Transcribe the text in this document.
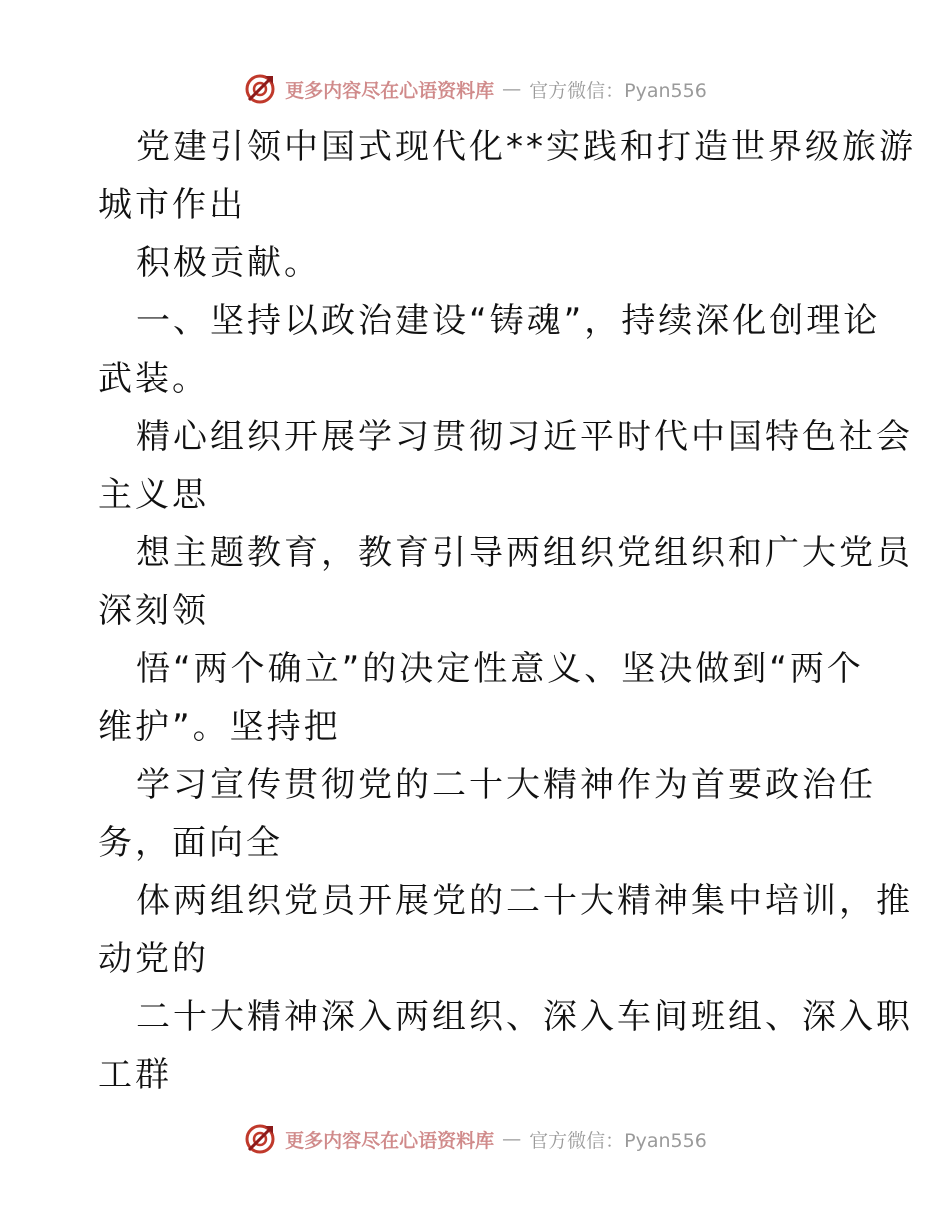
更多内容尽在心语资料库 — 官方微信：Pyan556
党建引领中国式现代化**实践和打造世界级旅游
城市作出
积极贡献。
一、坚持以政治建设“铸魂”，持续深化创理论
武装。
精心组织开展学习贯彻习近平时代中国特色社会
主义思
想主题教育，教育引导两组织党组织和广大党员
深刻领
悟“两个确立”的决定性意义、坚决做到“两个
维护”。坚持把
学习宣传贯彻党的二十大精神作为首要政治任
务，面向全
体两组织党员开展党的二十大精神集中培训，推
动党的
二十大精神深入两组织、深入车间班组、深入职
工群
更多内容尽在心语资料库 — 官方微信：Pyan556
